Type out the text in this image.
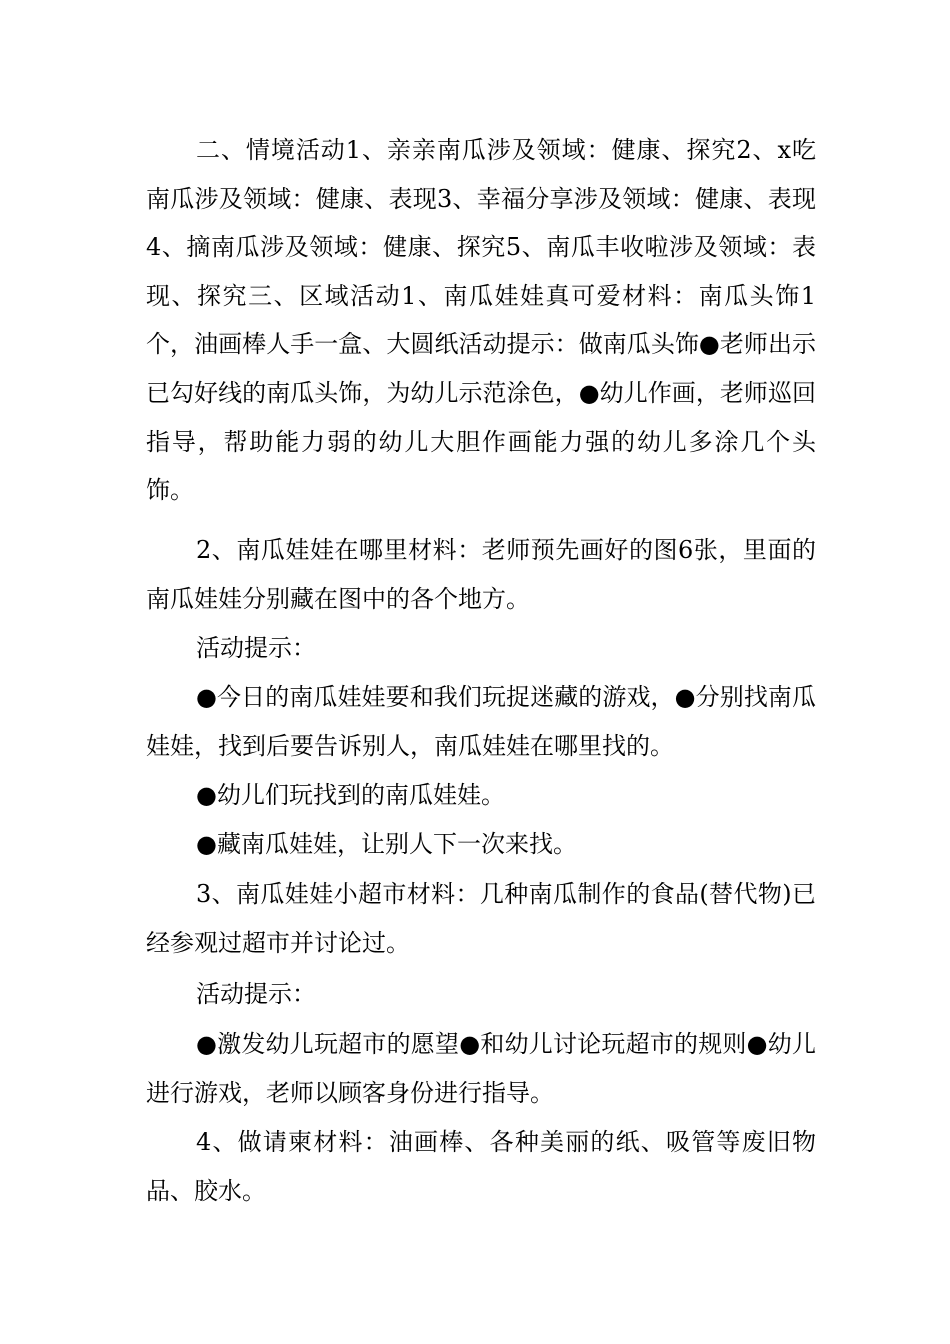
二、情境活动1、亲亲南瓜涉及领域：健康、探究2、x吃南瓜涉及领域：健康、表现3、幸福分享涉及领域：健康、表现4、摘南瓜涉及领域：健康、探究5、南瓜丰收啦涉及领域：表现、探究三、区域活动1、南瓜娃娃真可爱材料：南瓜头饰1个，油画棒人手一盒、大圆纸活动提示：做南瓜头饰●老师出示已勾好线的南瓜头饰，为幼儿示范涂色，●幼儿作画，老师巡回指导，帮助能力弱的幼儿大胆作画能力强的幼儿多涂几个头饰。

2、南瓜娃娃在哪里材料：老师预先画好的图6张，里面的南瓜娃娃分别藏在图中的各个地方。

活动提示：

●今日的南瓜娃娃要和我们玩捉迷藏的游戏，●分别找南瓜娃娃，找到后要告诉别人，南瓜娃娃在哪里找的。

●幼儿们玩找到的南瓜娃娃。

●藏南瓜娃娃，让别人下一次来找。

3、南瓜娃娃小超市材料：几种南瓜制作的食品(替代物)已经参观过超市并讨论过。

活动提示：

●激发幼儿玩超市的愿望●和幼儿讨论玩超市的规则●幼儿进行游戏，老师以顾客身份进行指导。

4、做请柬材料：油画棒、各种美丽的纸、吸管等废旧物品、胶水。
